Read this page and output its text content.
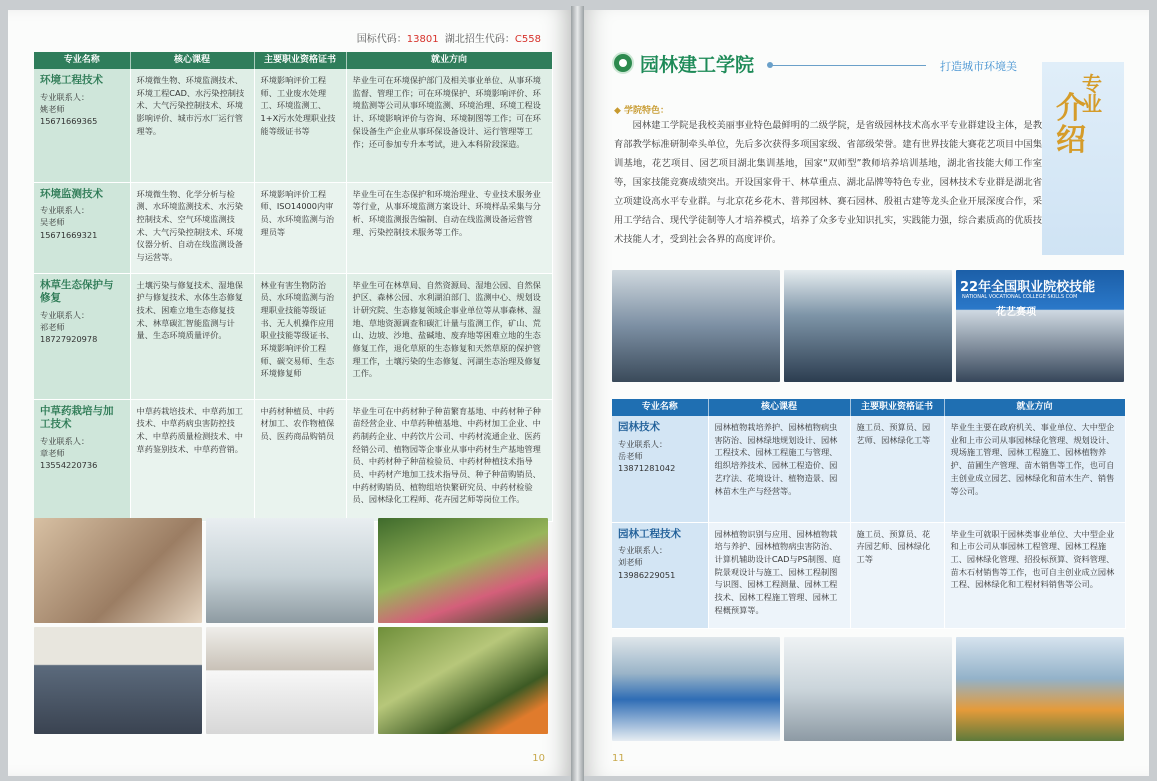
国标代码：13801 湖北招生代码：C558
专业名称	核心课程	主要职业资格证书	就业方向

环境工程技术
专业联系人：
姚老师 15671669365	环境微生物、环境监测技术、环境工程CAD、水污染控制技术、大气污染控制技术、环境影响评价、城市污水厂运行管理等。	环境影响评价工程师、工业废水处理工、环境监测工、1+X污水处理职业技能等级证书等	毕业生可在环境保护部门及相关事业单位、从事环境监督、管理工作；可在环境保护、环境影响评价、环境监测等公司从事环境监测、环境治理、环境工程设计、环境影响评价与咨询、环境制图等工作；可在环保设备生产企业从事环保设备设计、运行管理等工作；还可参加专升本考试，进入本科阶段深造。

环境监测技术
专业联系人：
吴老师 15671669321	环境微生物、化学分析与检测、水环境监测技术、水污染控制技术、空气环境监测技术、大气污染控制技术、环境仪器分析、自动在线监测设备与运营等。	环境影响评价工程师、ISO14000内审员、水环境监测与治理员等	毕业生可在生态保护和环境治理业、专业技术服务业等行业，从事环境监测方案设计、环境样品采集与分析、环境监测报告编制、自动在线监测设备运营管理、污染控制技术服务等工作。

林草生态保护与修复
专业联系人：
祁老师 18727920978	土壤污染与修复技术、湿地保护与修复技术、水体生态修复技术、困难立地生态修复技术、林草碳汇智能监测与计量、生态环境质量评价。	林业有害生物防治员、水环境监测与治理职业技能等级证书、无人机操作应用职业技能等级证书、环境影响评价工程师、碳交易师、生态环境修复师	毕业生可在林草局、自然资源局、湿地公园、自然保护区、森林公园、水利湖泊部门、监测中心、规划设计研究院、生态修复领域企事业单位等从事森林、湿地、草地资源调查和碳汇计量与监测工作，矿山、荒山、边坡、沙地、盐碱地、废弃地等困难立地的生态修复工作，退化草原的生态修复和天然草原的保护管理工作，土壤污染的生态修复、河湖生态治理及修复工作。

中草药栽培与加工技术
专业联系人：
章老师 13554220736	中草药栽培技术、中草药加工技术、中草药病虫害防控技术、中草药质量检测技术、中草药鉴别技术、中草药营销。	中药材种植员、中药材加工、农作物植保员、医药商品购销员	毕业生可在中药材种子种苗繁育基地、中药材种子种苗经营企业、中草药种植基地、中药材加工企业、中药制药企业、中药饮片公司、中药材流通企业、医药经销公司、植物园等企事业从事中药材生产基地管理员、中药材种子种苗检验员、中药材种植技术指导员、中药材产地加工技术指导员、种子种苗购销员、中药材购销员、植物组培快繁研究员、中药材检验员、园林绿化工程师、花卉园艺师等岗位工作。
10
园林建工学院	打造城市环境美
专
业
介
绍
◆ 学院特色：
园林建工学院是我校美丽事业特色最鲜明的二级学院，是省级园林技术高水平专业群建设主体，是教育部教学标准研制牵头单位，先后多次获得多项国家级、省部级荣誉。建有世界技能大赛花艺项目中国集训基地，花艺项目、园艺项目湖北集训基地，国家“双师型”教师培养培训基地，湖北省技能大师工作室等，国家技能竞赛成绩突出。开设国家骨干、林草重点、湖北品牌等特色专业，园林技术专业群是湖北省立项建设高水平专业群。与北京花乡花木、普邦园林、赛石园林、殷祖古建等龙头企业开展深度合作，采用工学结合、现代学徒制等人才培养模式，培养了众多专业知识扎实，实践能力强，综合素质高的优质技术技能人才，受到社会各界的高度评价。
22年全国职业院校技能
NATIONAL VOCATIONAL COLLEGE SKILLS COM
花艺赛项
专业名称	核心课程	主要职业资格证书	就业方向

园林技术
专业联系人：
岳老师 13871281042	园林植物栽培养护、园林植物病虫害防治、园林绿地规划设计、园林工程技术、园林工程施工与管理、组织培养技术、园林工程造价、园艺疗法、花境设计、植物造景、园林苗木生产与经营等。	施工员、预算员、园艺师、园林绿化工等	毕业生主要在政府机关、事业单位、大中型企业和上市公司从事园林绿化管理、规划设计、现场施工管理、园林工程施工、园林植物养护、苗圃生产管理、苗木销售等工作，也可自主创业成立园艺、园林绿化和苗木生产、销售等公司。

园林工程技术
专业联系人：
刘老师 13986229051	园林植物识别与应用、园林植物栽培与养护、园林植物病虫害防治、计算机辅助设计CAD与PS制图、庭院景观设计与施工、园林工程制图与识图、园林工程测量、园林工程技术、园林工程施工管理、园林工程概预算等。	施工员、预算员、花卉园艺师、园林绿化工等	毕业生可就职于园林类事业单位、大中型企业和上市公司从事园林工程管理、园林工程施工、园林绿化管理、招投标预算、资料管理、苗木石材销售等工作，也可自主创业成立园林工程、园林绿化和工程材料销售等公司。
11
